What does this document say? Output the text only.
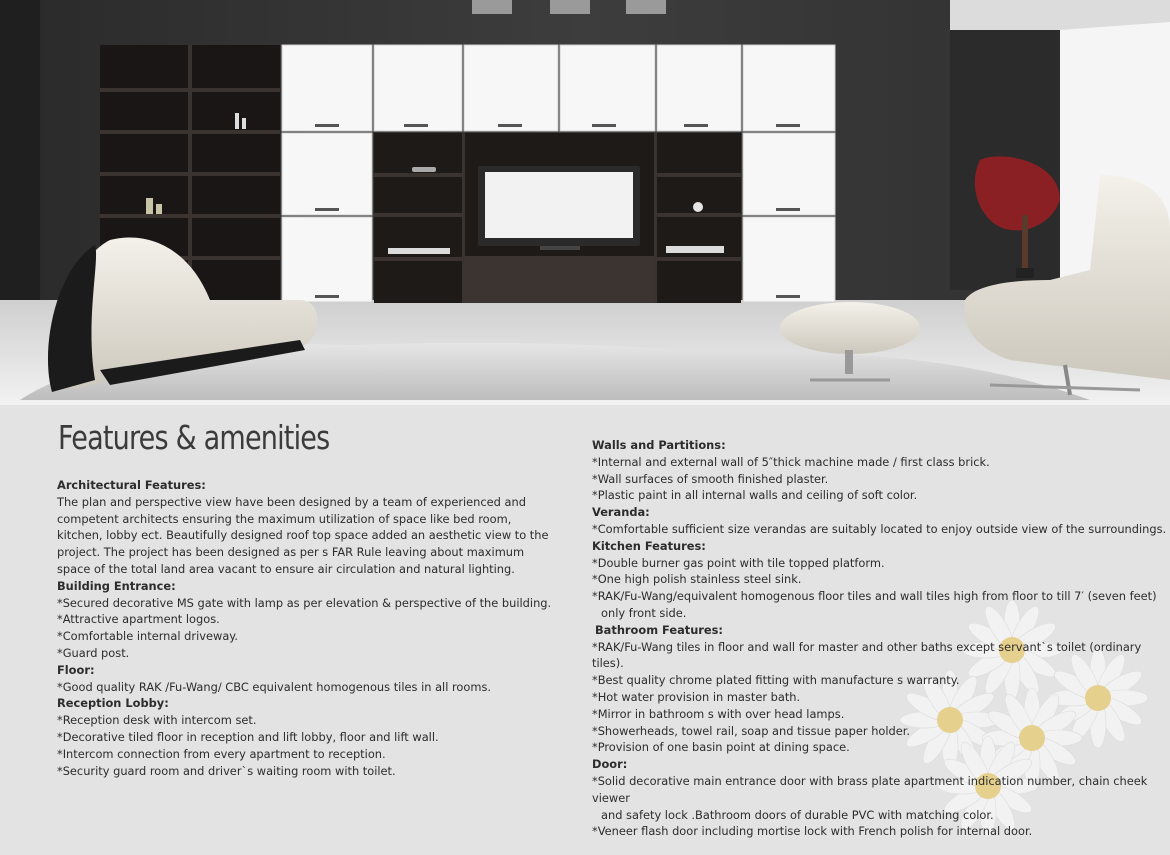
Features & amenities
Architectural Features:
The plan and perspective view have been designed by a team of experienced and competent architects ensuring the maximum utilization of space like bed room, kitchen, lobby ect. Beautifully designed roof top space added an aesthetic view to the project. The project has been designed as per s FAR Rule leaving about maximum space of the total land area vacant to ensure air circulation and natural lighting.
Building Entrance:
*Secured decorative MS gate with lamp as per elevation & perspective of the building.
*Attractive apartment logos.
*Comfortable internal driveway.
*Guard post.
Floor:
*Good quality RAK /Fu-Wang/ CBC equivalent homogenous tiles in all rooms.
Reception Lobby:
*Reception desk with intercom set.
*Decorative tiled floor in reception and lift lobby, floor and lift wall.
*Intercom connection from every apartment to reception.
*Security guard room and driver`s waiting room with toilet.
Walls and Partitions:
*Internal and external wall of 5″thick machine made / first class brick.
*Wall surfaces of smooth finished plaster.
*Plastic paint in all internal walls and ceiling of soft color.
Veranda:
*Comfortable sufficient size verandas are suitably located to enjoy outside view of the surroundings.
Kitchen Features:
*Double burner gas point with tile topped platform.
*One high polish stainless steel sink.
*RAK/Fu-Wang/equivalent homogenous floor tiles and wall tiles high from floor to till 7′ (seven feet)
only front side.
Bathroom Features:
*RAK/Fu-Wang tiles in floor and wall for master and other baths except servant`s toilet (ordinary
tiles).
*Best quality chrome plated fitting with manufacture s warranty.
*Hot water provision in master bath.
*Mirror in bathroom s with over head lamps.
*Showerheads, towel rail, soap and tissue paper holder.
*Provision of one basin point at dining space.
Door:
*Solid decorative main entrance door with brass plate apartment indication number, chain cheek
viewer
and safety lock .Bathroom doors of durable PVC with matching color.
*Veneer flash door including mortise lock with French polish for internal door.
